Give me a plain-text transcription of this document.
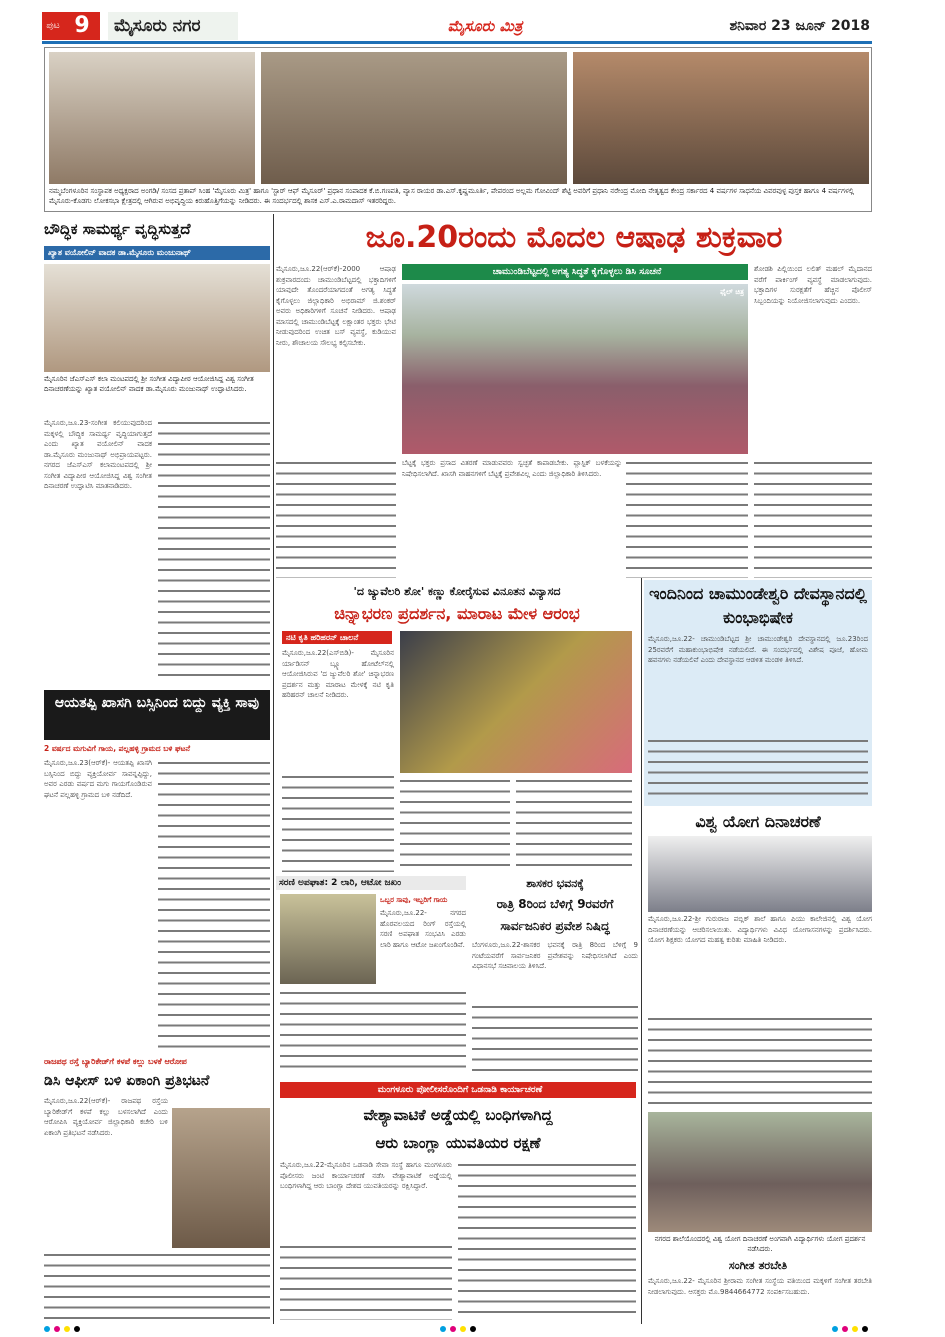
ಪುಟ 9	ಮೈಸೂರು ನಗರ	ಮೈಸೂರು ಮಿತ್ರ	ಶನಿವಾರ 23 ಜೂನ್ 2018
ನಮ್ಮಬೆಂಗಳೂರಿನ ಸಂಸ್ಥಾಪಕ ಅಧ್ಯಕ್ಷರಾದ ಅಂಗಡಿ/ ಸಂಸದ ಪ್ರತಾಪ್ ಸಿಂಹ 'ಮೈಸೂರು ಮಿತ್ರ' ಹಾಗೂ 'ಸ್ಟಾರ್ ಆಫ್ ಮೈಸೂರ್' ಪ್ರಧಾನ ಸಂಪಾದಕ ಕೆ.ಬಿ.ಗಣಪತಿ, ವ್ಯಾಸ ರಾಯರ ಡಾ.ಎಸ್.ಕೃಷ್ಣಮೂರ್ತಿ, ಪೇಪರಂದ ಅಲ್ಲಮ ಗೋವಿಂದ್ ಶೆಟ್ಟಿ ಅವರಿಗೆ ಪ್ರಧಾನಿ ನರೇಂದ್ರ ಮೋದಿ ನೇತೃತ್ವದ ಕೇಂದ್ರ ಸರ್ಕಾರದ 4 ವರ್ಷಗಳ ಸಾಧನೆಯ ವಿವರವುಳ್ಳ ಪುಸ್ತಕ ಹಾಗೂ 4 ವರ್ಷಗಳಲ್ಲಿ ಮೈಸೂರು-ಕೊಡಗು ಲೋಕಸಭಾ ಕ್ಷೇತ್ರದಲ್ಲಿ ಆಗಿರುವ ಅಭಿವೃದ್ಧಿಯ ಕಿರುಹೊತ್ತಿಗೆಯನ್ನು ನೀಡಿದರು. ಈ ಸಂದರ್ಭದಲ್ಲಿ ಶಾಸಕ ಎಸ್.ಎ.ರಾಮದಾಸ್ ಇತರರಿದ್ದರು.
ಬೌದ್ಧಿಕ ಸಾಮರ್ಥ್ಯ ವೃದ್ಧಿಸುತ್ತದೆ
ಖ್ಯಾತ ವಯೋಲಿನ್ ವಾದಕ ಡಾ.ಮೈಸೂರು ಮಂಜುನಾಥ್
ಮೈಸೂರಿನ ಜೆಎಸ್‌ಎಸ್ ಕಲಾ ಮಂಟಪದಲ್ಲಿ ಶ್ರೀ ಸಂಗೀತ ವಿದ್ಯಾಪೀಠ ಆಯೋಜಿಸಿದ್ದ ವಿಶ್ವ ಸಂಗೀತ ದಿನಾಚರಣೆಯನ್ನು ಖ್ಯಾತ ವಯೋಲಿನ್ ವಾದಕ ಡಾ.ಮೈಸೂರು ಮಂಜುನಾಥ್ ಉದ್ಘಾಟಿಸಿದರು.
ಮೈಸೂರು,ಜೂ.23-ಸಂಗೀತ ಕಲಿಯುವುದರಿಂದ ಮಕ್ಕಳಲ್ಲಿ ಬೌದ್ಧಿಕ ಸಾಮರ್ಥ್ಯ ವೃದ್ಧಿಯಾಗುತ್ತದೆ ಎಂದು ಖ್ಯಾತ ವಯೋಲಿನ್ ವಾದಕ ಡಾ.ಮೈಸೂರು ಮಂಜುನಾಥ್ ಅಭಿಪ್ರಾಯಪಟ್ಟರು. ನಗರದ ಜೆಎಸ್‌ಎಸ್ ಕಲಾಮಂಟಪದಲ್ಲಿ ಶ್ರೀ ಸಂಗೀತ ವಿದ್ಯಾಪೀಠ ಆಯೋಜಿಸಿದ್ದ ವಿಶ್ವ ಸಂಗೀತ ದಿನಾಚರಣೆ ಉದ್ಘಾಟಿಸಿ ಮಾತನಾಡಿದರು.
ಆಯತಪ್ಪಿ ಖಾಸಗಿ ಬಸ್ಸಿನಿಂದ ಬಿದ್ದು ವ್ಯಕ್ತಿ ಸಾವು
2 ವರ್ಷದ ಮಗುವಿಗೆ ಗಾಯ, ಪಲ್ಲಹಳ್ಳಿ ಗ್ರಾಮದ ಬಳಿ ಘಟನೆ
ಮೈಸೂರು,ಜೂ.23(ಆರ್‌ಕೆ)- ಆಯತಪ್ಪಿ ಖಾಸಗಿ ಬಸ್ಸಿನಿಂದ ಬಿದ್ದು ವ್ಯಕ್ತಿಯೋರ್ವ ಸಾವನ್ನಪ್ಪಿದ್ದು, ಅವರ ಎರಡು ವರ್ಷದ ಮಗು ಗಾಯಗೊಂಡಿರುವ ಘಟನೆ ಪಲ್ಲಹಳ್ಳಿ ಗ್ರಾಮದ ಬಳಿ ನಡೆದಿದೆ.
ರಾಜಪಥ ರಸ್ತೆ ಬ್ಯಾರಿಕೇಡ್‌ಗೆ ಕಳಪೆ ಕಲ್ಲು ಬಳಕೆ ಆರೋಪ
ಡಿಸಿ ಆಫೀಸ್ ಬಳಿ ಏಕಾಂಗಿ ಪ್ರತಿಭಟನೆ
ಮೈಸೂರು,ಜೂ.22(ಆರ್‌ಕೆ)- ರಾಜಪಥ ರಸ್ತೆಯ ಬ್ಯಾರಿಕೇಡ್‌ಗೆ ಕಳಪೆ ಕಲ್ಲು ಬಳಸಲಾಗಿದೆ ಎಂದು ಆರೋಪಿಸಿ ವ್ಯಕ್ತಿಯೋರ್ವ ಜಿಲ್ಲಾಧಿಕಾರಿ ಕಚೇರಿ ಬಳಿ ಏಕಾಂಗಿ ಪ್ರತಿಭಟನೆ ನಡೆಸಿದರು.
ಜೂ.20ರಂದು ಮೊದಲ ಆಷಾಢ ಶುಕ್ರವಾರ
ಮೈಸೂರು,ಜೂ.22(ಆರ್‌ಕೆ)-2000 ಆಷಾಢ ಶುಕ್ರವಾರದಂದು ಚಾಮುಂಡಿಬೆಟ್ಟದಲ್ಲಿ ಭಕ್ತಾದಿಗಳಿಗೆ ಯಾವುದೇ ತೊಂದರೆಯಾಗದಂತೆ ಅಗತ್ಯ ಸಿದ್ಧತೆ ಕೈಗೊಳ್ಳಲು ಜಿಲ್ಲಾಧಿಕಾರಿ ಅಭಿರಾಮ್ ಜಿ.ಶಂಕರ್ ಅವರು ಅಧಿಕಾರಿಗಳಿಗೆ ಸೂಚನೆ ನೀಡಿದರು. ಆಷಾಢ ಮಾಸದಲ್ಲಿ ಚಾಮುಂಡಿಬೆಟ್ಟಕ್ಕೆ ಲಕ್ಷಾಂತರ ಭಕ್ತರು ಭೇಟಿ ನೀಡುವುದರಿಂದ ಉಚಿತ ಬಸ್ ವ್ಯವಸ್ಥೆ, ಕುಡಿಯುವ ನೀರು, ಶೌಚಾಲಯ ಸೌಲಭ್ಯ ಕಲ್ಪಿಸಬೇಕು.
ಚಾಮುಂಡಿಬೆಟ್ಟದಲ್ಲಿ ಅಗತ್ಯ ಸಿದ್ಧತೆ ಕೈಗೊಳ್ಳಲು ಡಿಸಿ ಸೂಚನೆ
ಫೈಲ್ ಚಿತ್ರ
ಶೋಡಶಿ ಪಿಲ್ಲಿಯಿಂದ ಲಲಿತ್ ಮಹಲ್ ಮೈದಾನದ ವರೆಗೆ ಪಾರ್ಕಿಂಗ್ ವ್ಯವಸ್ಥೆ ಮಾಡಲಾಗುವುದು. ಭಕ್ತಾದಿಗಳ ಸುರಕ್ಷತೆಗೆ ಹೆಚ್ಚಿನ ಪೊಲೀಸ್ ಸಿಬ್ಬಂದಿಯನ್ನು ನಿಯೋಜಿಸಲಾಗುವುದು ಎಂದರು.
ಬೆಟ್ಟಕ್ಕೆ ಭಕ್ತರು ಪ್ರಸಾದ ವಿತರಣೆ ಮಾಡುವವರು ಸ್ವಚ್ಛತೆ ಕಾಪಾಡಬೇಕು. ಪ್ಲಾಸ್ಟಿಕ್ ಬಳಕೆಯನ್ನು ನಿಷೇಧಿಸಲಾಗಿದೆ. ಖಾಸಗಿ ವಾಹನಗಳಿಗೆ ಬೆಟ್ಟಕ್ಕೆ ಪ್ರವೇಶವಿಲ್ಲ ಎಂದು ಜಿಲ್ಲಾಧಿಕಾರಿ ತಿಳಿಸಿದರು.
'ದ ಜ್ಯುವೆಲರಿ ಶೋ' ಕಣ್ಣು ಕೋರೈಸುವ ವಿನೂತನ ವಿನ್ಯಾಸದ
ಚಿನ್ನಾಭರಣ ಪ್ರದರ್ಶನ, ಮಾರಾಟ ಮೇಳ ಆರಂಭ
ನಟಿ ಕೃತಿ ಹರಿಹರನ್ ಚಾಲನೆ
ಮೈಸೂರು,ಜೂ.22(ಎಸ್‌ಬಿಡಿ)- ಮೈಸೂರಿನ ರ್ಯಾಡಿಸನ್ ಬ್ಲ್ಯೂ ಹೋಟೆಲ್‌ನಲ್ಲಿ ಆಯೋಜಿಸಿರುವ 'ದ ಜ್ಯುವೆಲರಿ ಶೋ' ಚಿನ್ನಾಭರಣ ಪ್ರದರ್ಶನ ಮತ್ತು ಮಾರಾಟ ಮೇಳಕ್ಕೆ ನಟಿ ಕೃತಿ ಹರಿಹರನ್ ಚಾಲನೆ ನೀಡಿದರು.
ಇಂದಿನಿಂದ ಚಾಮುಂಡೇಶ್ವರಿ ದೇವಸ್ಥಾನದಲ್ಲಿ ಕುಂಭಾಭಿಷೇಕ
ಮೈಸೂರು,ಜೂ.22- ಚಾಮುಂಡಿಬೆಟ್ಟದ ಶ್ರೀ ಚಾಮುಂಡೇಶ್ವರಿ ದೇವಸ್ಥಾನದಲ್ಲಿ ಜೂ.23ರಿಂದ 25ರವರೆಗೆ ಮಹಾಕುಂಭಾಭಿಷೇಕ ನಡೆಯಲಿದೆ. ಈ ಸಂದರ್ಭದಲ್ಲಿ ವಿಶೇಷ ಪೂಜೆ, ಹೋಮ ಹವನಗಳು ನಡೆಯಲಿವೆ ಎಂದು ದೇವಸ್ಥಾನದ ಆಡಳಿತ ಮಂಡಳಿ ತಿಳಿಸಿದೆ.
ವಿಶ್ವ ಯೋಗ ದಿನಾಚರಣೆ
ಮೈಸೂರು,ಜೂ.22-ಶ್ರೀ ಗುರುರಾಜ ಪಬ್ಲಿಕ್ ಶಾಲೆ ಹಾಗೂ ಪಿಯು ಕಾಲೇಜಿನಲ್ಲಿ ವಿಶ್ವ ಯೋಗ ದಿನಾಚರಣೆಯನ್ನು ಆಚರಿಸಲಾಯಿತು. ವಿದ್ಯಾರ್ಥಿಗಳು ವಿವಿಧ ಯೋಗಾಸನಗಳನ್ನು ಪ್ರದರ್ಶಿಸಿದರು. ಯೋಗ ಶಿಕ್ಷಕರು ಯೋಗದ ಮಹತ್ವ ಕುರಿತು ಮಾಹಿತಿ ನೀಡಿದರು.
ನಗರದ ಶಾಲೆಯೊಂದರಲ್ಲಿ ವಿಶ್ವ ಯೋಗ ದಿನಾಚರಣೆ ಅಂಗವಾಗಿ ವಿದ್ಯಾರ್ಥಿಗಳು ಯೋಗ ಪ್ರದರ್ಶನ ನಡೆಸಿದರು.
ಸಂಗೀತ ತರಬೇತಿ
ಮೈಸೂರು,ಜೂ.22- ಮೈಸೂರಿನ ಶ್ರೀರಾಮ ಸಂಗೀತ ಸಂಸ್ಥೆಯ ವತಿಯಿಂದ ಮಕ್ಕಳಿಗೆ ಸಂಗೀತ ತರಬೇತಿ ನೀಡಲಾಗುವುದು. ಆಸಕ್ತರು ಮೊ.9844664772 ಸಂಪರ್ಕಿಸಬಹುದು.
ಸರಣಿ ಅಪಘಾತ: 2 ಲಾರಿ, ಆಟೋ ಜಖಂ
ಒಬ್ಬರ ಸಾವು, ಇಬ್ಬರಿಗೆ ಗಾಯ
ಮೈಸೂರು,ಜೂ.22- ನಗರದ ಹೊರವಲಯದ ರಿಂಗ್ ರಸ್ತೆಯಲ್ಲಿ ಸರಣಿ ಅಪಘಾತ ಸಂಭವಿಸಿ ಎರಡು ಲಾರಿ ಹಾಗೂ ಆಟೋ ಜಖಂಗೊಂಡಿವೆ.
ಶಾಸಕರ ಭವನಕ್ಕೆ
ರಾತ್ರಿ 8ರಿಂದ ಬೆಳಿಗ್ಗೆ 9ರವರೆಗೆ
ಸಾರ್ವಜನಿಕರ ಪ್ರವೇಶ ನಿಷಿದ್ಧ
ಬೆಂಗಳೂರು,ಜೂ.22-ಶಾಸಕರ ಭವನಕ್ಕೆ ರಾತ್ರಿ 8ರಿಂದ ಬೆಳಿಗ್ಗೆ 9 ಗಂಟೆಯವರೆಗೆ ಸಾರ್ವಜನಿಕರ ಪ್ರವೇಶವನ್ನು ನಿಷೇಧಿಸಲಾಗಿದೆ ಎಂದು ವಿಧಾನಸಭೆ ಸಚಿವಾಲಯ ತಿಳಿಸಿದೆ.
ಮಂಗಳೂರು ಪೋಲೀಸರೊಂದಿಗೆ ಒಡನಾಡಿ ಕಾರ್ಯಾಚರಣೆ
ವೇಶ್ಯಾವಾಟಿಕೆ ಅಡ್ಡೆಯಲ್ಲಿ ಬಂಧಿಗಳಾಗಿದ್ದ
ಆರು ಬಾಂಗ್ಲಾ ಯುವತಿಯರ ರಕ್ಷಣೆ
ಮೈಸೂರು,ಜೂ.22-ಮೈಸೂರಿನ ಒಡನಾಡಿ ಸೇವಾ ಸಂಸ್ಥೆ ಹಾಗೂ ಮಂಗಳೂರು ಪೊಲೀಸರು ಜಂಟಿ ಕಾರ್ಯಾಚರಣೆ ನಡೆಸಿ ವೇಶ್ಯಾವಾಟಿಕೆ ಅಡ್ಡೆಯಲ್ಲಿ ಬಂಧಿಗಳಾಗಿದ್ದ ಆರು ಬಾಂಗ್ಲಾ ದೇಶದ ಯುವತಿಯರನ್ನು ರಕ್ಷಿಸಿದ್ದಾರೆ.
